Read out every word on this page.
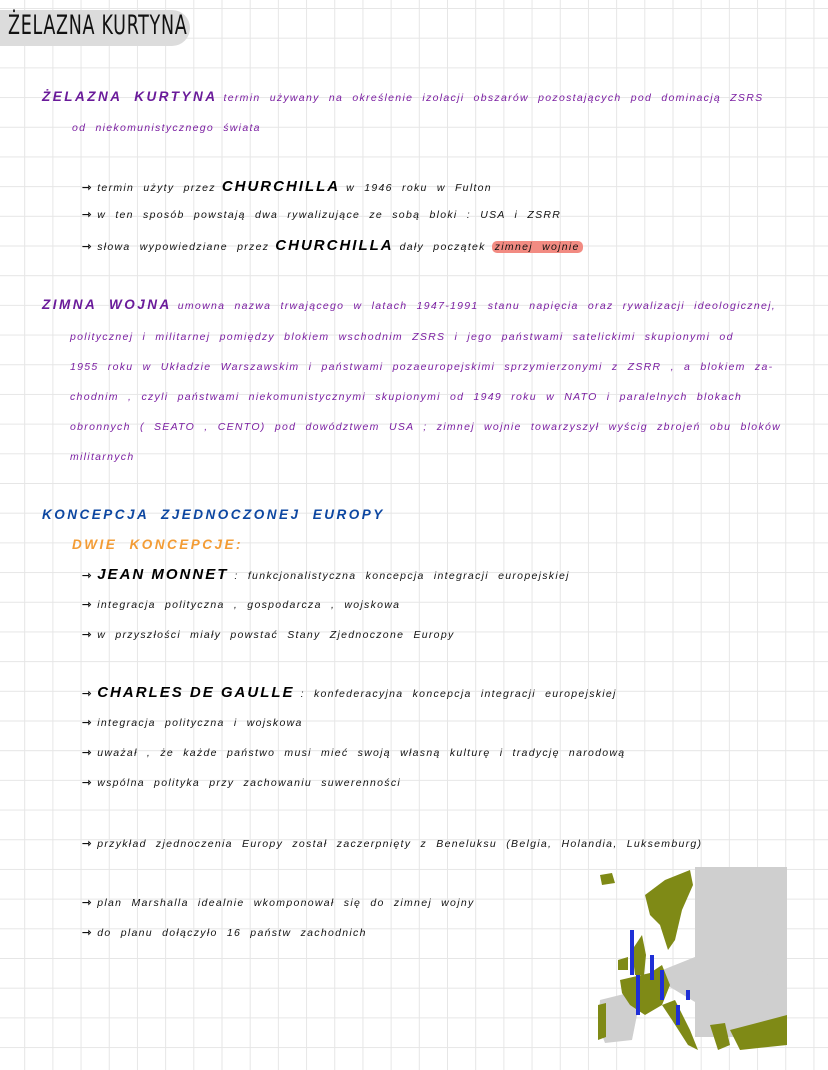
ŻELAZNA KURTYNA
ŻELAZNA KURTYNA termin używany na określenie izolacji obszarów pozostających pod dominacją ZSRS
od niekomunistycznego świata
⇾ termin użyty przez CHURCHILLA w 1946 roku w Fulton
⇾ w ten sposób powstają dwa rywalizujące ze sobą bloki : USA i ZSRR
⇾ słowa wypowiedziane przez CHURCHILLA dały początek zimnej wojnie
ZIMNA WOJNA umowna nazwa trwającego w latach 1947-1991 stanu napięcia oraz rywalizacji ideologicznej,
politycznej i militarnej pomiędzy blokiem wschodnim ZSRS i jego państwami satelickimi skupionymi od
1955 roku w Układzie Warszawskim i państwami pozaeuropejskimi sprzymierzonymi z ZSRR , a blokiem za-
chodnim , czyli państwami niekomunistycznymi skupionymi od 1949 roku w NATO i paralelnych blokach
obronnych ( SEATO , CENTO) pod dowództwem USA ; zimnej wojnie towarzyszył wyścig zbrojeń obu bloków
militarnych
KONCEPCJA ZJEDNOCZONEJ EUROPY
DWIE KONCEPCJE:
⇾ JEAN MONNET : funkcjonalistyczna koncepcja integracji europejskiej
⇾ integracja polityczna , gospodarcza , wojskowa
⇾ w przyszłości miały powstać Stany Zjednoczone Europy
⇾ CHARLES DE GAULLE : konfederacyjna koncepcja integracji europejskiej
⇾ integracja polityczna i wojskowa
⇾ uważał , że każde państwo musi mieć swoją własną kulturę i tradycję narodową
⇾ wspólna polityka przy zachowaniu suwerenności
⇾ przykład zjednoczenia Europy został zaczerpnięty z Beneluksu (Belgia, Holandia, Luksemburg)
⇾ plan Marshalla idealnie wkomponował się do zimnej wojny
⇾ do planu dołączyło 16 państw zachodnich
